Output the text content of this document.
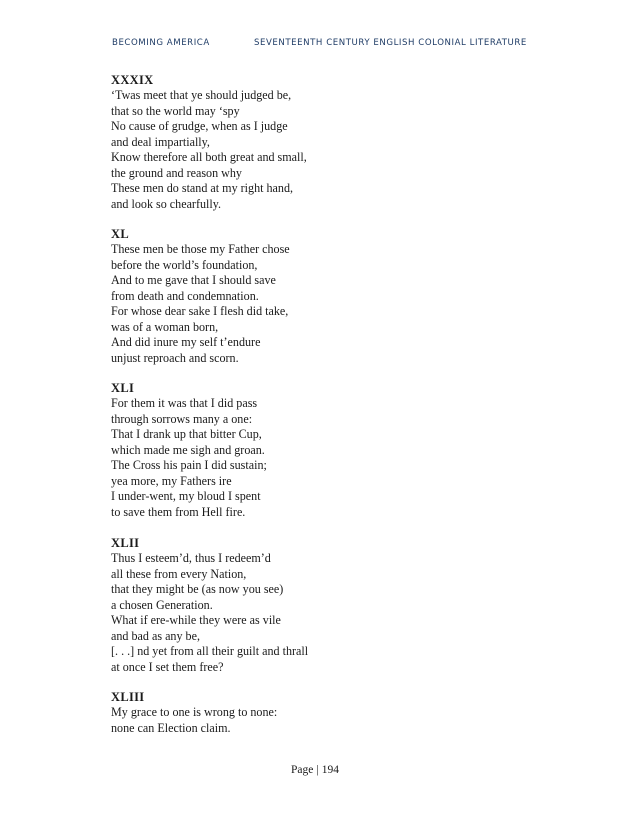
BECOMING AMERICA	SEVENTEENTH CENTURY ENGLISH COLONIAL LITERATURE
XXXIX
‘Twas meet that ye should judged be,
that so the world may ‘spy
No cause of grudge, when as I judge
and deal impartially,
Know therefore all both great and small,
the ground and reason why
These men do stand at my right hand,
and look so chearfully.
XL
These men be those my Father chose
before the world’s foundation,
And to me gave that I should save
from death and condemnation.
For whose dear sake I flesh did take,
was of a woman born,
And did inure my self t’endure
unjust reproach and scorn.
XLI
For them it was that I did pass
through sorrows many a one:
That I drank up that bitter Cup,
which made me sigh and groan.
The Cross his pain I did sustain;
yea more, my Fathers ire
I under-went, my bloud I spent
to save them from Hell fire.
XLII
Thus I esteem’d, thus I redeem’d
all these from every Nation,
that they might be (as now you see)
a chosen Generation.
What if ere-while they were as vile
and bad as any be,
[. . .] nd yet from all their guilt and thrall
at once I set them free?
XLIII
My grace to one is wrong to none:
none can Election claim.
Page | 194
